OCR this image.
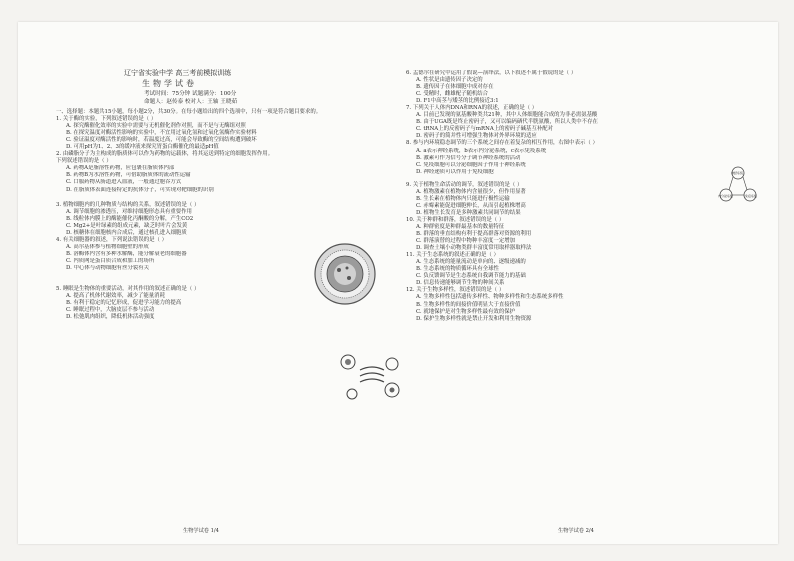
辽宁省实验中学 高三考前模拟训练
生物学试卷
考试时间：75分钟 试题满分：100分
命题人：赵传泰 校对人：王轴 王晓茹
一、选择题：本题共15小题，每小题2分，共30分。在每小题给出的四个选项中，只有一项是符合题目要求的。
1. 关于酶的实验，下列叙述错误的是（ ）
A. 探究酶催化效率的实验中需要与无机催化剂作对照，而不是与无酶组对照
B. 在探究温度对酶活性影响的实验中，不宜用过氧化氢和过氧化氢酶作实验材料
C. 验证温度对酶活性的影响时，若温度过高，可能会导致酶的空间结构遭到破坏
D. 可用pH为1、2、3的缓冲液来探究胃蛋白酶催化的最适pH值
2. 由磷脂分子为主构成的脂质体可以作为药物的运载体，将其运送到特定的细胞发挥作用。
下列叙述错误的是（ ）
A. 药物A是脂溶性药物，应包裹在脂质体内部
B. 药物B为水溶性药物，可借助脂质体的流动性运输
C. 口服药物从肠道进入血液，一般通过胞吞方式
D. 在脂质体表面连接特定的抗体分子，可实现对靶细胞的识别
3. 植物细胞内的几种物质与结构的关系，叙述错误的是（ ）
A. 调节细胞的渗透压，对维持细胞形态具有重要作用
B. 线粒体内膜上的酶能催化丙酮酸的分解，产生CO2
C. Mg2+是叶绿素的组成元素，缺乏时叶片会发黄
D. 核糖体在细胞核内合成后，通过核孔进入细胞质
4. 有关细胞器的叙述，下列说法错误的是（ ）
A. 高尔基体参与植物细胞壁的形成
B. 溶酶体内含有多种水解酶，能分解衰老的细胞器
C. 内质网是蛋白质合成和加工的场所
D. 中心体与动物细胞有丝分裂有关
5. 睡眠是生物体的重要活动，对其作用的叙述正确的是（ ）
A. 提高了机体代谢效率，减少了能量消耗
B. 有利于稳定的记忆形成，促进学习能力的提高
C. 睡眠过程中，大脑皮层不参与活动
D. 松弛肌肉组织，降低机体活动强度
生物学试卷 1/4
6. 孟德尔在研究中运用了假说—演绎法，以下叙述不属于假说的是（ ）
A. 性状是由遗传因子决定的
B. 遗传因子在体细胞中成对存在
C. 受精时，雌雄配子随机结合
D. F1中高茎与矮茎的比例接近3:1
7. 下列关于人体内DNA和RNA的叙述，正确的是（ ）
A. 目前已发现的氨基酸种类共21种，其中人体细胞能合成的为非必需氨基酸
B. 由于UGA既是终止密码子，又可以编码硒代半胱氨酸，所以人类中不存在
C. tRNA上的反密码子与mRNA上的密码子碱基互补配对
D. 密码子的简并性可增强生物体对外界环境的适应
8. 参与内环境稳态调节的三个系统之间存在着复杂的相互作用，右图中表示（ ）
A. a表示神经系统，b表示内分泌系统，c表示免疫系统
B. 激素可作为信号分子调节神经系统的活动
C. 免疫细胞可以分泌细胞因子作用于神经系统
D. 神经递质可以作用于免疫细胞
9. 关于植物生命活动的调节，叙述错误的是（ ）
A. 植物激素在植物体内含量很少，但作用显著
B. 生长素在植物体内只能进行极性运输
C. 赤霉素能促进细胞伸长，从而引起植株增高
D. 植物生长发育是多种激素共同调节的结果
10. 关于种群和群落，叙述错误的是（ ）
A. 种群密度是种群最基本的数量特征
B. 群落的垂直结构有利于提高群落对资源的利用
C. 群落演替的过程中物种丰富度一定增加
D. 调查土壤小动物类群丰富度常用取样器取样法
11. 关于生态系统的叙述正确的是（ ）
A. 生态系统的能量流动是单向的、逐级递减的
B. 生态系统的物质循环具有全球性
C. 负反馈调节是生态系统自我调节能力的基础
D. 信息传递能够调节生物的种间关系
12. 关于生物多样性，叙述错误的是（ ）
A. 生物多样性包括遗传多样性、物种多样性和生态系统多样性
B. 生物多样性的间接价值明显大于直接价值
C. 就地保护是对生物多样性最有效的保护
D. 保护生物多样性就是禁止开发和利用生物资源
神经系统
内分泌系统	免疫系统
生物学试卷 2/4
